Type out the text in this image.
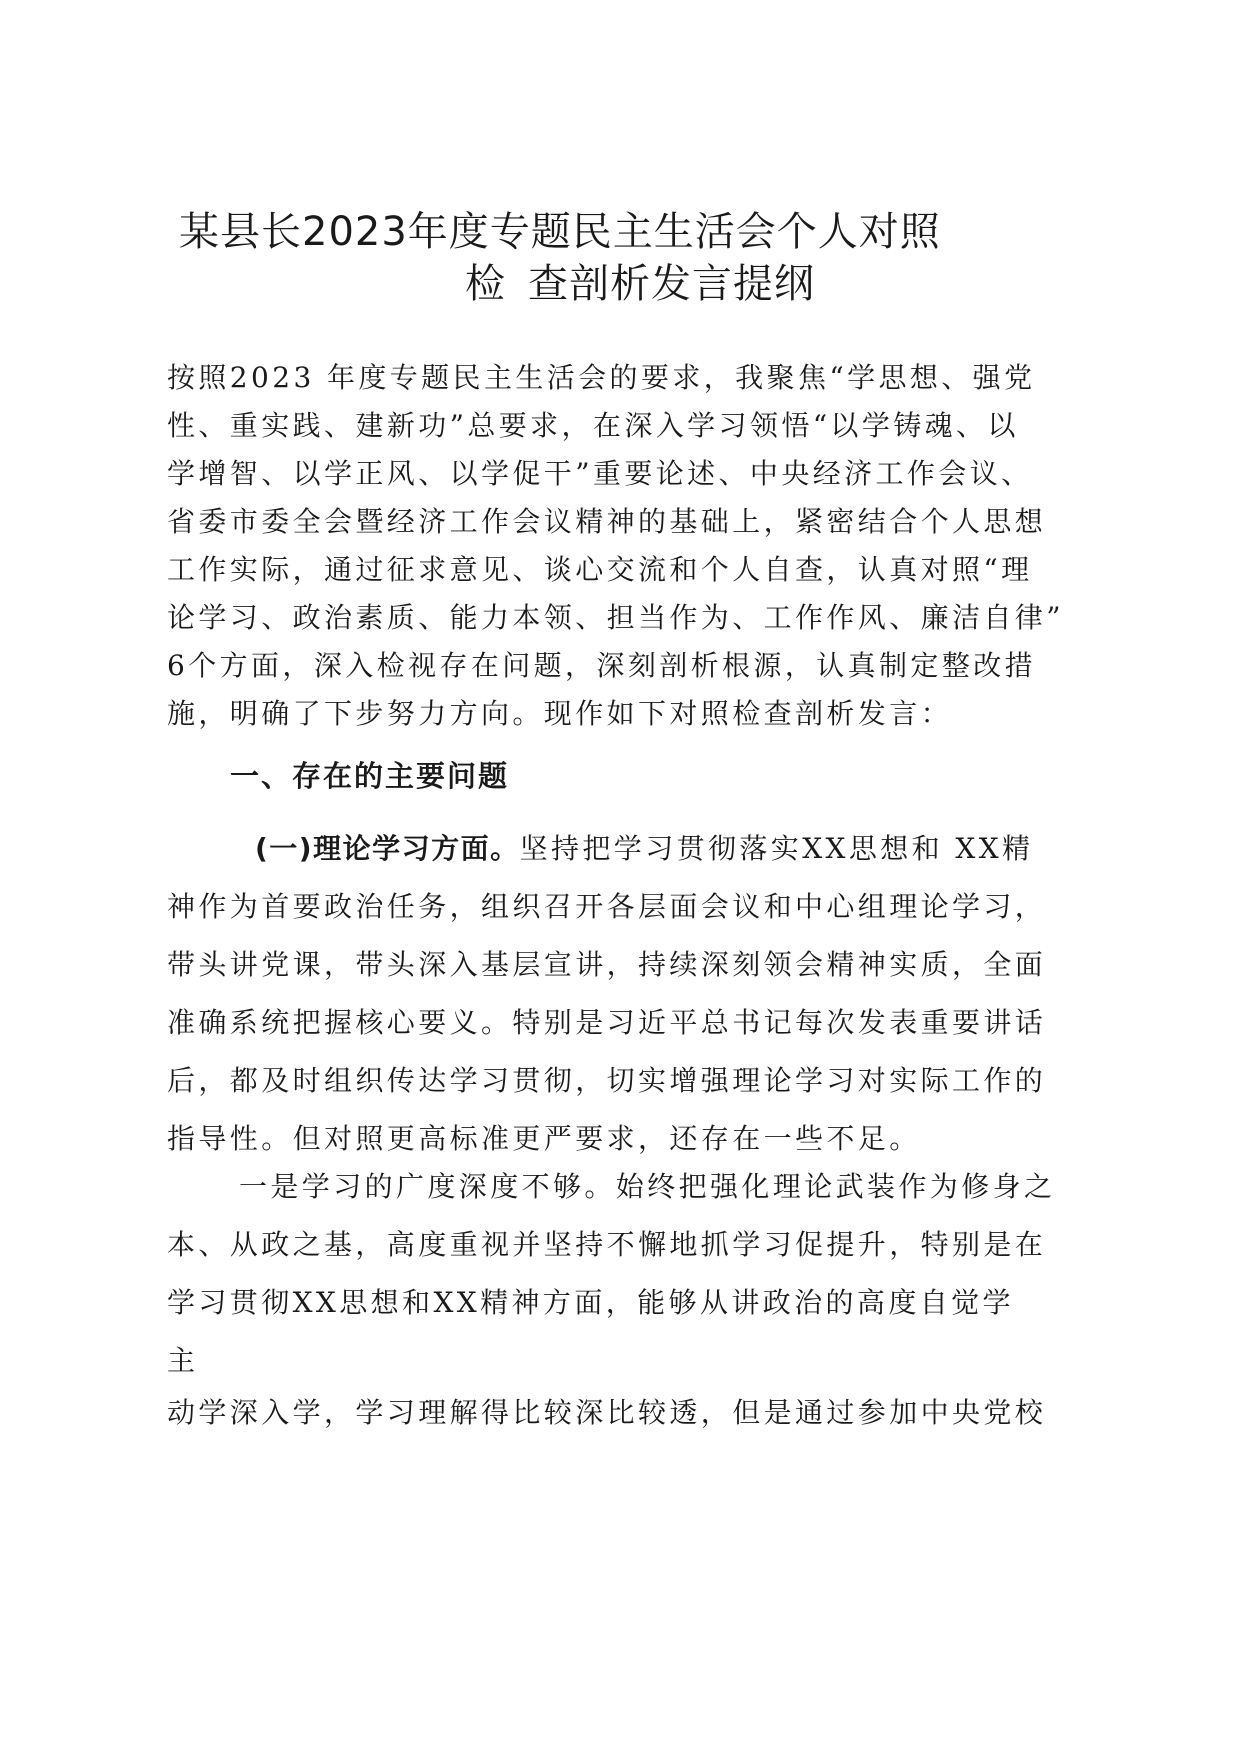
某县长2023年度专题民主生活会个人对照
检 查剖析发言提纲
按照2023 年度专题民主生活会的要求，我聚焦“学思想、强党
性、重实践、建新功”总要求，在深入学习领悟“以学铸魂、以
学增智、以学正风、以学促干”重要论述、中央经济工作会议、
省委市委全会暨经济工作会议精神的基础上，紧密结合个人思想
工作实际，通过征求意见、谈心交流和个人自查，认真对照“理
论学习、政治素质、能力本领、担当作为、工作作风、廉洁自律”
6个方面，深入检视存在问题，深刻剖析根源，认真制定整改措
施，明确了下步努力方向。现作如下对照检查剖析发言：
一、存在的主要问题
(一)理论学习方面。坚持把学习贯彻落实XX思想和 XX精
神作为首要政治任务，组织召开各层面会议和中心组理论学习，
带头讲党课，带头深入基层宣讲，持续深刻领会精神实质，全面
准确系统把握核心要义。特别是习近平总书记每次发表重要讲话
后，都及时组织传达学习贯彻，切实增强理论学习对实际工作的
指导性。但对照更高标准更严要求，还存在一些不足。
一是学习的广度深度不够。始终把强化理论武装作为修身之
本、从政之基，高度重视并坚持不懈地抓学习促提升，特别是在
学习贯彻XX思想和XX精神方面，能够从讲政治的高度自觉学
主
动学深入学，学习理解得比较深比较透，但是通过参加中央党校
